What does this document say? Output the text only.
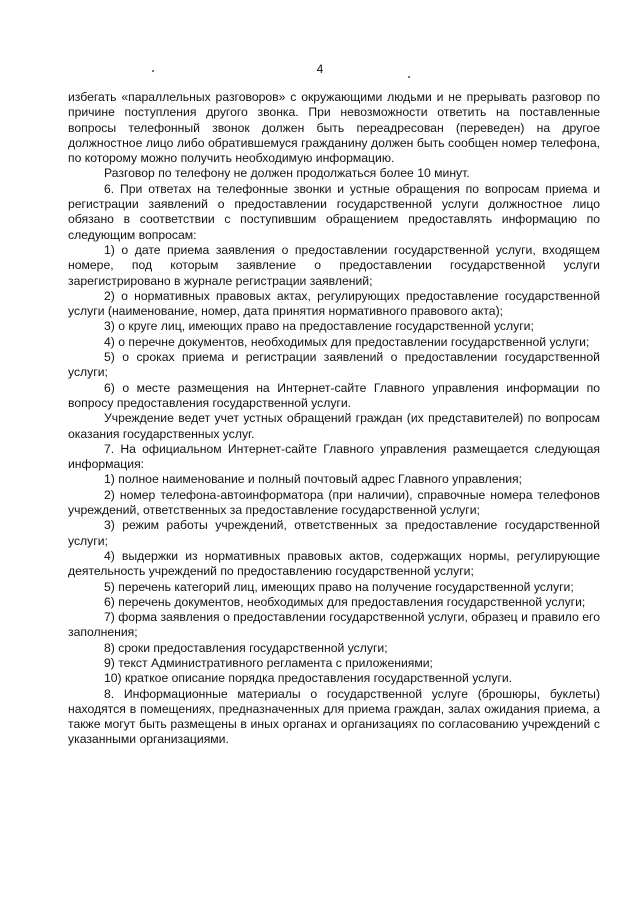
4

избегать «параллельных разговоров» с окружающими людьми и не прерывать разговор по причине поступления другого звонка. При невозможности ответить на поставленные вопросы телефонный звонок должен быть переадресован (переведен) на другое должностное лицо либо обратившемуся гражданину должен быть сообщен номер телефона, по которому можно получить необходимую информацию.

Разговор по телефону не должен продолжаться более 10 минут.

6. При ответах на телефонные звонки и устные обращения по вопросам приема и регистрации заявлений о предоставлении государственной услуги должностное лицо обязано в соответствии с поступившим обращением предоставлять информацию по следующим вопросам:

1) о дате приема заявления о предоставлении государственной услуги, входящем номере, под которым заявление о предоставлении государственной услуги зарегистрировано в журнале регистрации заявлений;

2) о нормативных правовых актах, регулирующих предоставление государственной услуги (наименование, номер, дата принятия нормативного правового акта);

3) о круге лиц, имеющих право на предоставление государственной услуги;

4) о перечне документов, необходимых для предоставлении государственной услуги;

5) о сроках приема и регистрации заявлений о предоставлении государственной услуги;

6) о месте размещения на Интернет-сайте Главного управления информации по вопросу предоставления государственной услуги.

Учреждение ведет учет устных обращений граждан (их представителей) по вопросам оказания государственных услуг.

7. На официальном Интернет-сайте Главного управления размещается следующая информация:

1) полное наименование и полный почтовый адрес Главного управления;

2) номер телефона-автоинформатора (при наличии), справочные номера телефонов учреждений, ответственных за предоставление государственной услуги;

3) режим работы учреждений, ответственных за предоставление государственной услуги;

4) выдержки из нормативных правовых актов, содержащих нормы, регулирующие деятельность учреждений по предоставлению государственной услуги;

5) перечень категорий лиц, имеющих право на получение государственной услуги;

6) перечень документов, необходимых для предоставления государственной услуги;

7) форма заявления о предоставлении государственной услуги, образец и правило его заполнения;

8) сроки предоставления государственной услуги;

9) текст Административного регламента с приложениями;

10) краткое описание порядка предоставления государственной услуги.

8. Информационные материалы о государственной услуге (брошюры, буклеты) находятся в помещениях, предназначенных для приема граждан, залах ожидания приема, а также могут быть размещены в иных органах и организациях по согласованию учреждений с указанными организациями.
